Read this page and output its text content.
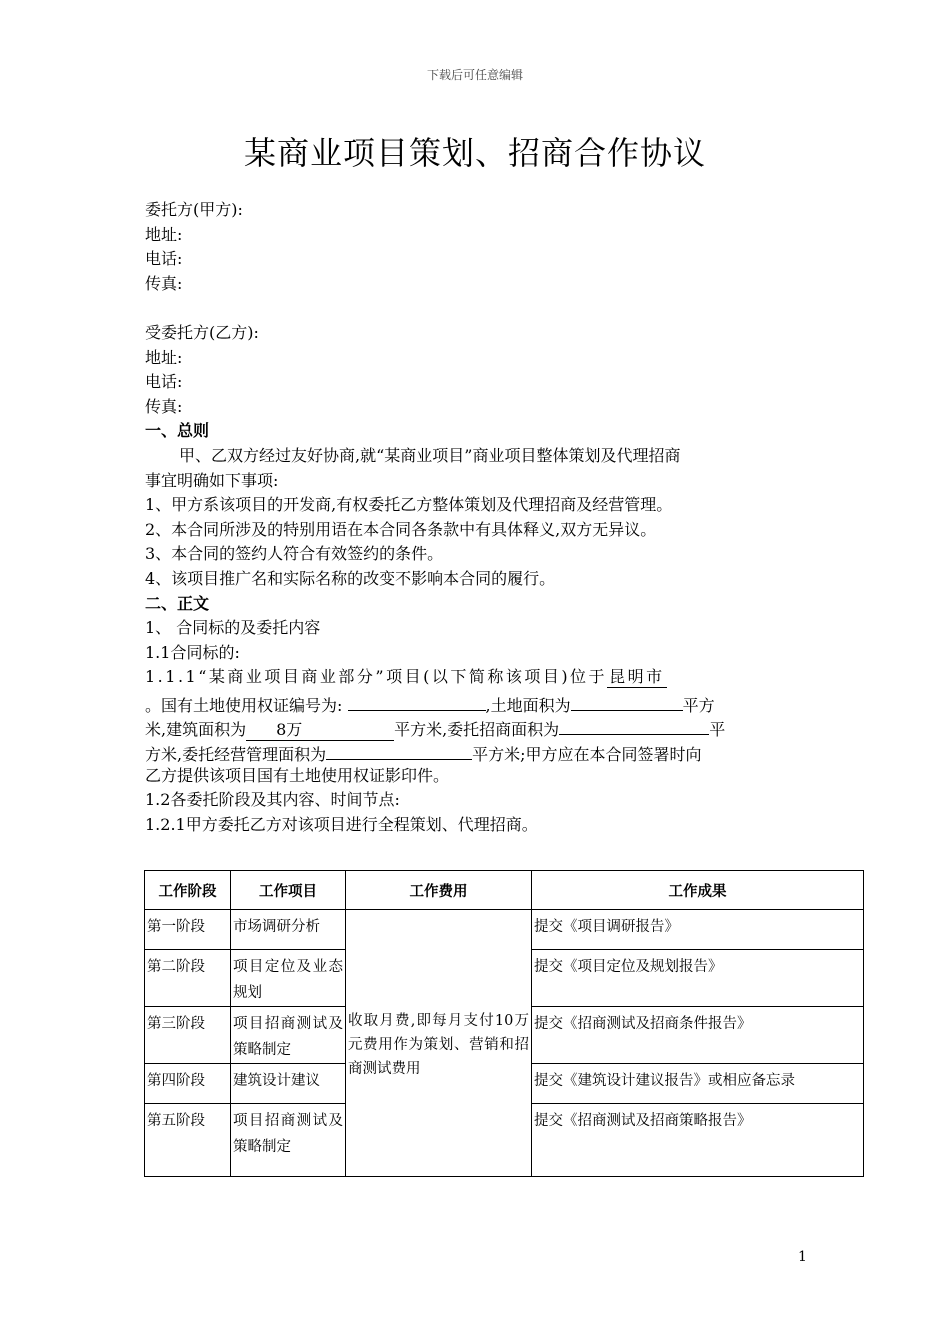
下载后可任意编辑
某商业项目策划、招商合作协议
委托方(甲方):
地址:
电话:
传真:
受委托方(乙方):
地址:
电话:
传真:
一、总则
甲、乙双方经过友好协商,就“某商业项目”商业项目整体策划及代理招商
事宜明确如下事项:
1、甲方系该项目的开发商,有权委托乙方整体策划及代理招商及经营管理。
2、本合同所涉及的特别用语在本合同各条款中有具体释义,双方无异议。
3、本合同的签约人符合有效签约的条件。
4、该项目推广名和实际名称的改变不影响本合同的履行。
二、正文
1、 合同标的及委托内容
1.1合同标的:
1.1.1“某商业项目商业部分”项目(以下简称该项目)位于 昆明市
。国有土地使用权证编号为:	,土地面积为	平方
米,建筑面积为 8万	平方米,委托招商面积为	平
方米,委托经营管理面积为	平方米;甲方应在本合同签署时向
乙方提供该项目国有土地使用权证影印件。
1.2各委托阶段及其内容、时间节点:
1.2.1甲方委托乙方对该项目进行全程策划、代理招商。
工作阶段	工作项目	工作费用	工作成果
第一阶段	市场调研分析	收取月费,即每月支付10万元费用作为策划、营销和招商测试费用	提交《项目调研报告》
第二阶段	项目定位及业态规划		提交《项目定位及规划报告》
第三阶段	项目招商测试及策略制定		提交《招商测试及招商条件报告》
第四阶段	建筑设计建议		提交《建筑设计建议报告》或相应备忘录
第五阶段	项目招商测试及策略制定		提交《招商测试及招商策略报告》
1
